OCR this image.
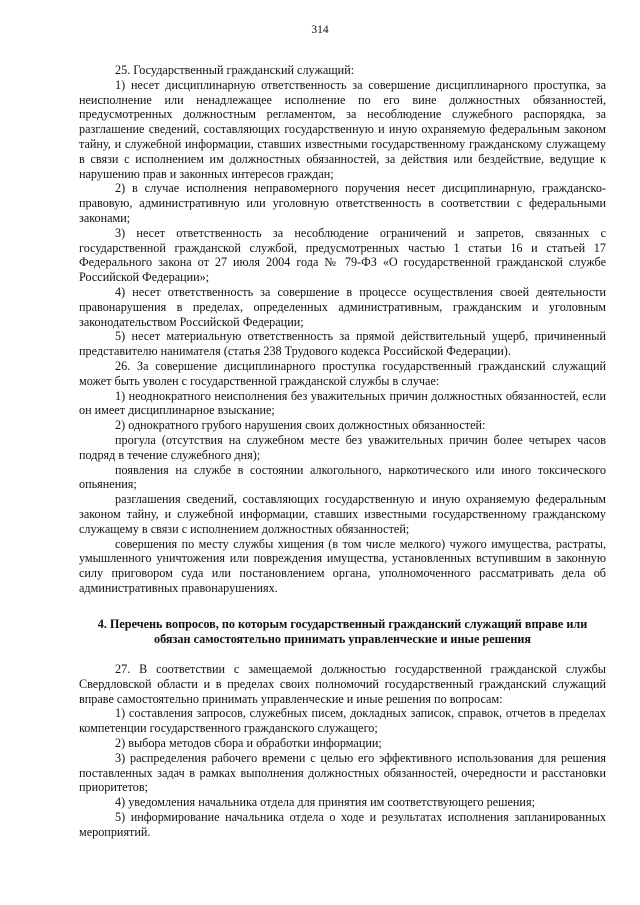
314

25. Государственный гражданский служащий:

1) несет дисциплинарную ответственность за совершение дисциплинарного проступка, за неисполнение или ненадлежащее исполнение по его вине должностных обязанностей, предусмотренных должностным регламентом, за несоблюдение служебного распорядка, за разглашение сведений, составляющих государственную и иную охраняемую федеральным законом тайну, и служебной информации, ставших известными государственному гражданскому служащему в связи с исполнением им должностных обязанностей, за действия или бездействие, ведущие к нарушению прав и законных интересов граждан;

2) в случае исполнения неправомерного поручения несет дисциплинарную, гражданско-правовую, административную или уголовную ответственность в соответствии с федеральными законами;

3) несет ответственность за несоблюдение ограничений и запретов, связанных с государственной гражданской службой, предусмотренных частью 1 статьи 16 и статьей 17 Федерального закона от 27 июля 2004 года № 79-ФЗ «О государственной гражданской службе Российской Федерации»;

4) несет ответственность за совершение в процессе осуществления своей деятельности правонарушения в пределах, определенных административным, гражданским и уголовным законодательством Российской Федерации;

5) несет материальную ответственность за прямой действительный ущерб, причиненный представителю нанимателя (статья 238 Трудового кодекса Российской Федерации).

26. За совершение дисциплинарного проступка государственный гражданский служащий может быть уволен с государственной гражданской службы в случае:

1) неоднократного неисполнения без уважительных причин должностных обязанностей, если он имеет дисциплинарное взыскание;

2) однократного грубого нарушения своих должностных обязанностей:

прогула (отсутствия на служебном месте без уважительных причин более четырех часов подряд в течение служебного дня);

появления на службе в состоянии алкогольного, наркотического или иного токсического опьянения;

разглашения сведений, составляющих государственную и иную охраняемую федеральным законом тайну, и служебной информации, ставших известными государственному гражданскому служащему в связи с исполнением должностных обязанностей;

совершения по месту службы хищения (в том числе мелкого) чужого имущества, растраты, умышленного уничтожения или повреждения имущества, установленных вступившим в законную силу приговором суда или постановлением органа, уполномоченного рассматривать дела об административных правонарушениях.

4. Перечень вопросов, по которым государственный гражданский служащий вправе или обязан самостоятельно принимать управленческие и иные решения

27. В соответствии с замещаемой должностью государственной гражданской службы Свердловской области и в пределах своих полномочий государственный гражданский служащий вправе самостоятельно принимать управленческие и иные решения по вопросам:

1) составления запросов, служебных писем, докладных записок, справок, отчетов в пределах компетенции государственного гражданского служащего;

2) выбора методов сбора и обработки информации;

3) распределения рабочего времени с целью его эффективного использования для решения поставленных задач в рамках выполнения должностных обязанностей, очередности и расстановки приоритетов;

4) уведомления начальника отдела для принятия им соответствующего решения;

5) информирование начальника отдела о ходе и результатах исполнения запланированных мероприятий.
